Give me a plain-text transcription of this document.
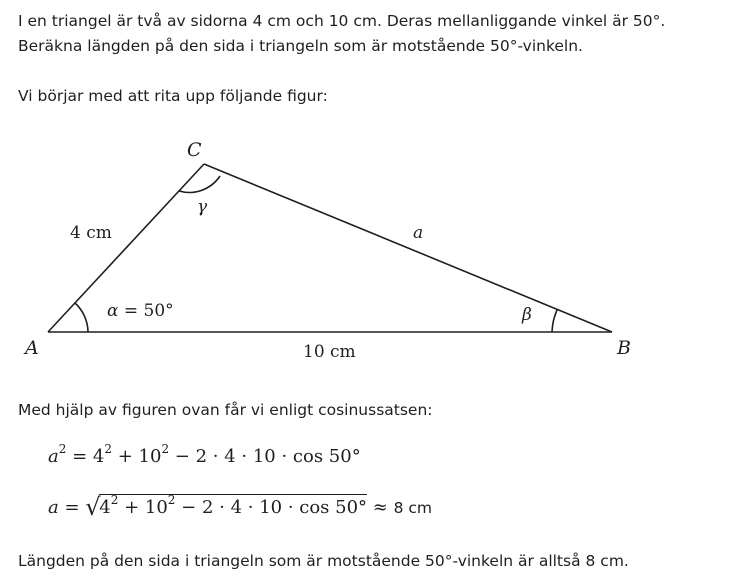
I en triangel är två av sidorna 4 cm och 10 cm. Deras mellanliggande vinkel är 50°.

Beräkna längden på den sida i triangeln som är motstående 50°-vinkeln.

Vi börjar med att rita upp följande figur:

C
A	B
γ
β
4 cm	a
10 cm
α = 50°

Med hjälp av figuren ovan får vi enligt cosinussatsen:

$a^2 = 4^2 + 10^2 - 2 \cdot 4 \cdot 10 \cdot \cos 50^\circ$
a = √
$4^2 + 10^2 - 2 \cdot 4 \cdot 10 \cdot \cos 50^\circ \approx 8$ cm

Längden på den sida i triangeln som är motstående 50°-vinkeln är alltså 8 cm.
